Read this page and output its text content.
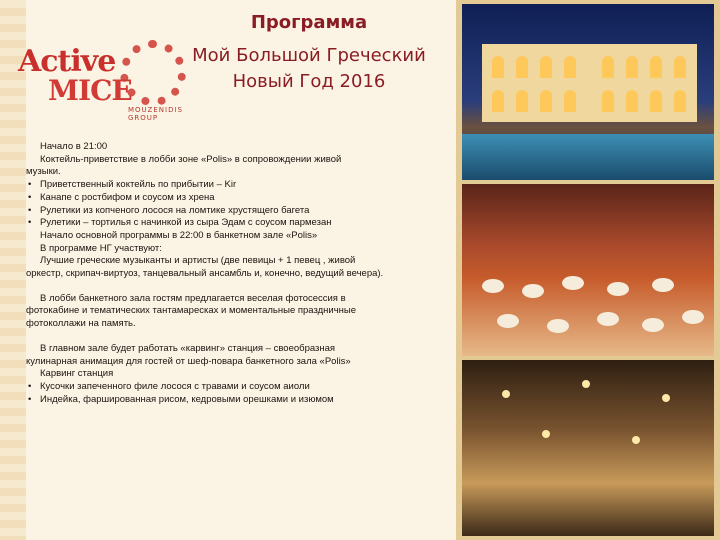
Active
MICE
MOUZENIDIS GROUP
Программа
Мой Большой Греческий
Новый Год 2016

Начало в 21:00

Коктейль-приветствие в лобби зоне «Polis» в сопровождении живой

музыки.

• Приветственный коктейль по прибытии – Kir

• Канапе с ростбифом и соусом из хрена

• Рулетики из копченого лосося на ломтике хрустящего багета

• Рулетики – тортилья с начинкой из сыра Эдам с соусом пармезан

Начало основной программы в 22:00 в банкетном зале «Polis»

В программе НГ участвуют:

Лучшие греческие музыканты и артисты (две певицы + 1 певец , живой

оркестр, скрипач-виртуоз, танцевальный ансамбль и, конечно, ведущий вечера).

В лобби банкетного зала гостям предлагается веселая фотосессия в

фотокабине и тематических тантамаресках и моментальные праздничные

фотоколлажи на память.

В главном зале будет работать «карвинг» станция – своеобразная

кулинарная анимация для гостей от шеф-повара банкетного зала «Polis»

Карвинг станция

• Кусочки запеченного филе лосося с травами и соусом аиоли

• Индейка, фаршированная рисом, кедровыми орешками и изюмом
